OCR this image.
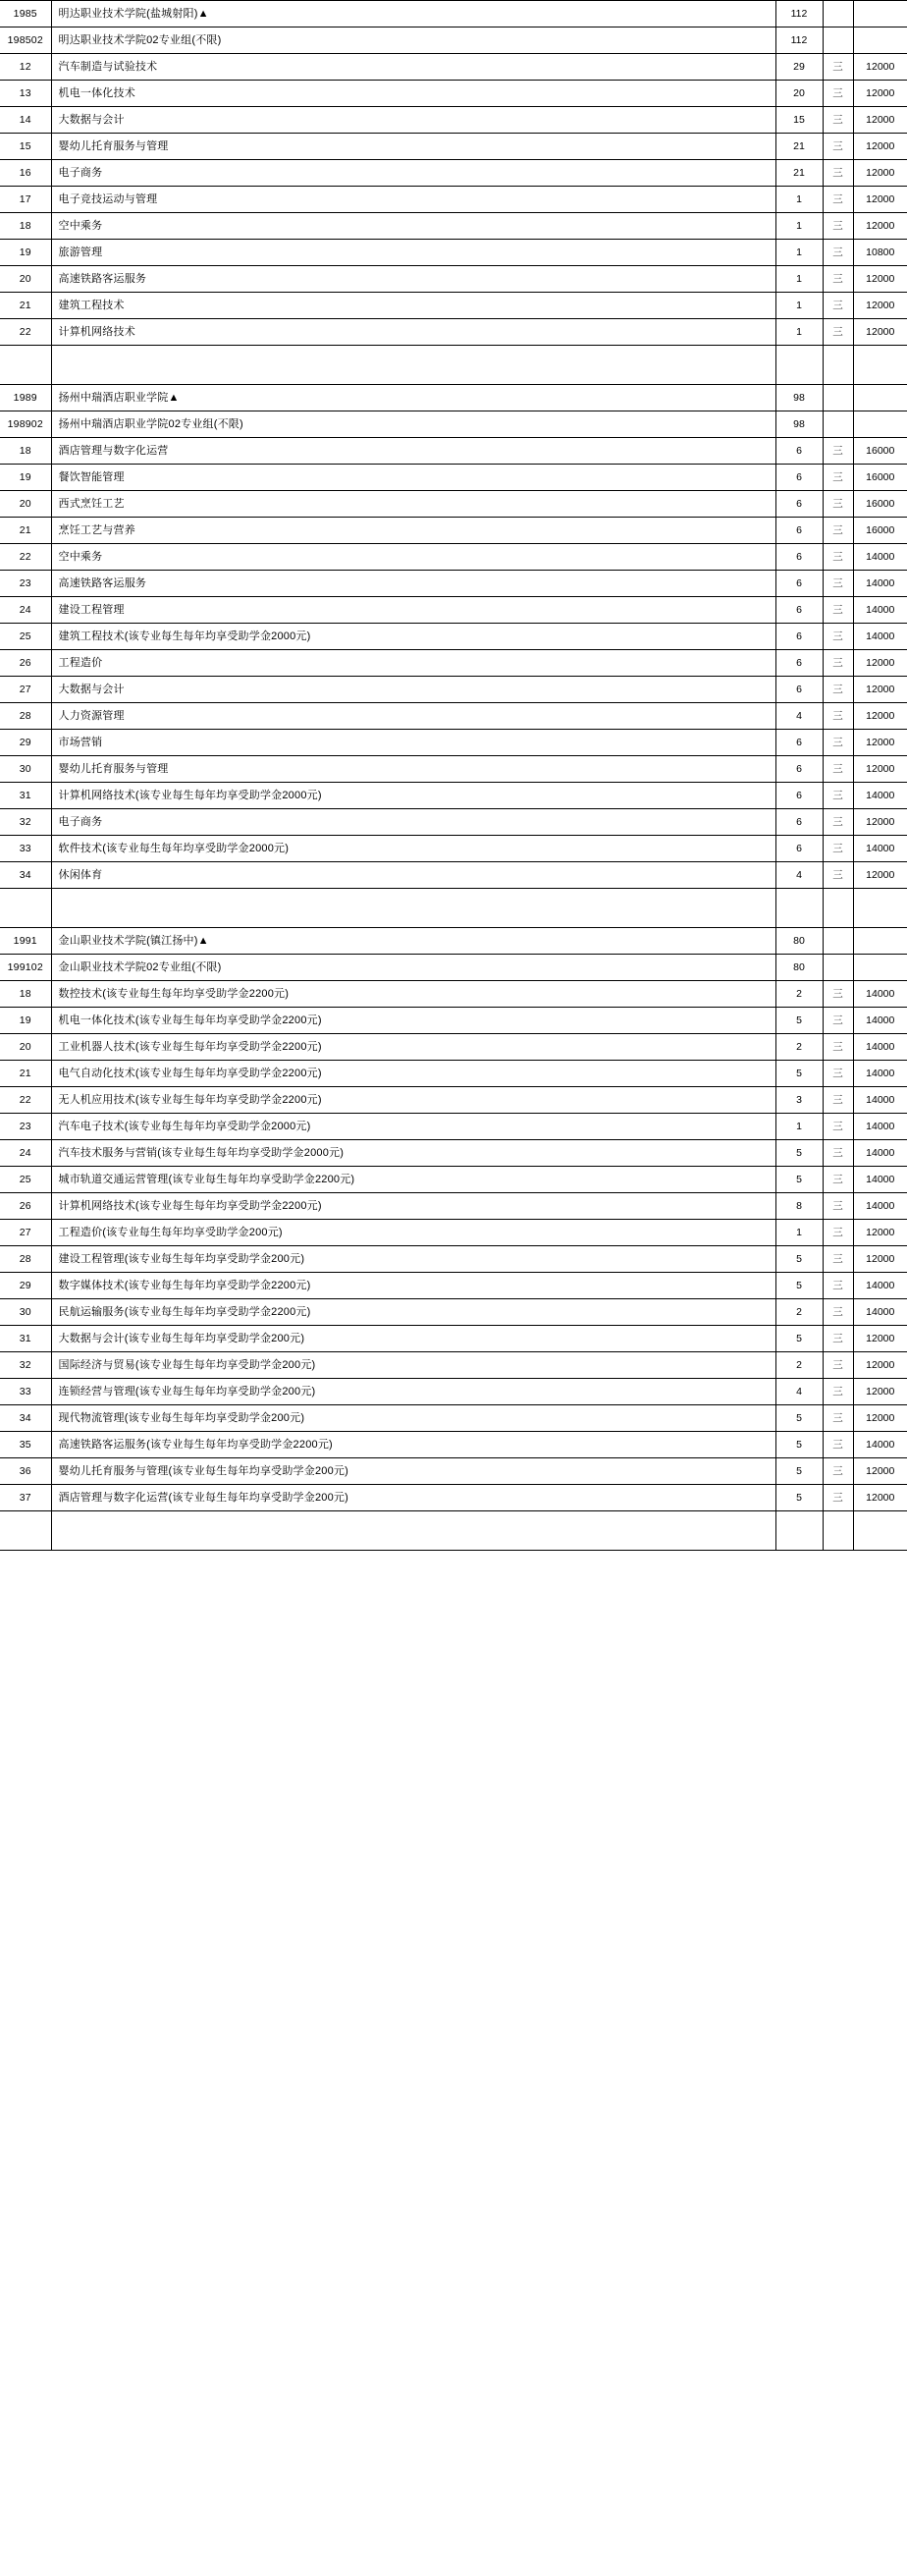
1985	明达职业技术学院(盐城射阳)▲	112		
198502	明达职业技术学院02专业组(不限)	112		
12	汽车制造与试验技术	29	三	12000
13	机电一体化技术	20	三	12000
14	大数据与会计	15	三	12000
15	婴幼儿托育服务与管理	21	三	12000
16	电子商务	21	三	12000
17	电子竞技运动与管理	1	三	12000
18	空中乘务	1	三	12000
19	旅游管理	1	三	10800
20	高速铁路客运服务	1	三	12000
21	建筑工程技术	1	三	12000
22	计算机网络技术	1	三	12000

1989	扬州中瑞酒店职业学院▲	98		
198902	扬州中瑞酒店职业学院02专业组(不限)	98		
18	酒店管理与数字化运营	6	三	16000
19	餐饮智能管理	6	三	16000
20	西式烹饪工艺	6	三	16000
21	烹饪工艺与营养	6	三	16000
22	空中乘务	6	三	14000
23	高速铁路客运服务	6	三	14000
24	建设工程管理	6	三	14000
25	建筑工程技术(该专业每生每年均享受助学金2000元)	6	三	14000
26	工程造价	6	三	12000
27	大数据与会计	6	三	12000
28	人力资源管理	4	三	12000
29	市场营销	6	三	12000
30	婴幼儿托育服务与管理	6	三	12000
31	计算机网络技术(该专业每生每年均享受助学金2000元)	6	三	14000
32	电子商务	6	三	12000
33	软件技术(该专业每生每年均享受助学金2000元)	6	三	14000
34	休闲体育	4	三	12000

1991	金山职业技术学院(镇江扬中)▲	80		
199102	金山职业技术学院02专业组(不限)	80		
18	数控技术(该专业每生每年均享受助学金2200元)	2	三	14000
19	机电一体化技术(该专业每生每年均享受助学金2200元)	5	三	14000
20	工业机器人技术(该专业每生每年均享受助学金2200元)	2	三	14000
21	电气自动化技术(该专业每生每年均享受助学金2200元)	5	三	14000
22	无人机应用技术(该专业每生每年均享受助学金2200元)	3	三	14000
23	汽车电子技术(该专业每生每年均享受助学金2000元)	1	三	14000
24	汽车技术服务与营销(该专业每生每年均享受助学金2000元)	5	三	14000
25	城市轨道交通运营管理(该专业每生每年均享受助学金2200元)	5	三	14000
26	计算机网络技术(该专业每生每年均享受助学金2200元)	8	三	14000
27	工程造价(该专业每生每年均享受助学金200元)	1	三	12000
28	建设工程管理(该专业每生每年均享受助学金200元)	5	三	12000
29	数字媒体技术(该专业每生每年均享受助学金2200元)	5	三	14000
30	民航运输服务(该专业每生每年均享受助学金2200元)	2	三	14000
31	大数据与会计(该专业每生每年均享受助学金200元)	5	三	12000
32	国际经济与贸易(该专业每生每年均享受助学金200元)	2	三	12000
33	连锁经营与管理(该专业每生每年均享受助学金200元)	4	三	12000
34	现代物流管理(该专业每生每年均享受助学金200元)	5	三	12000
35	高速铁路客运服务(该专业每生每年均享受助学金2200元)	5	三	14000
36	婴幼儿托育服务与管理(该专业每生每年均享受助学金200元)	5	三	12000
37	酒店管理与数字化运营(该专业每生每年均享受助学金200元)	5	三	12000
